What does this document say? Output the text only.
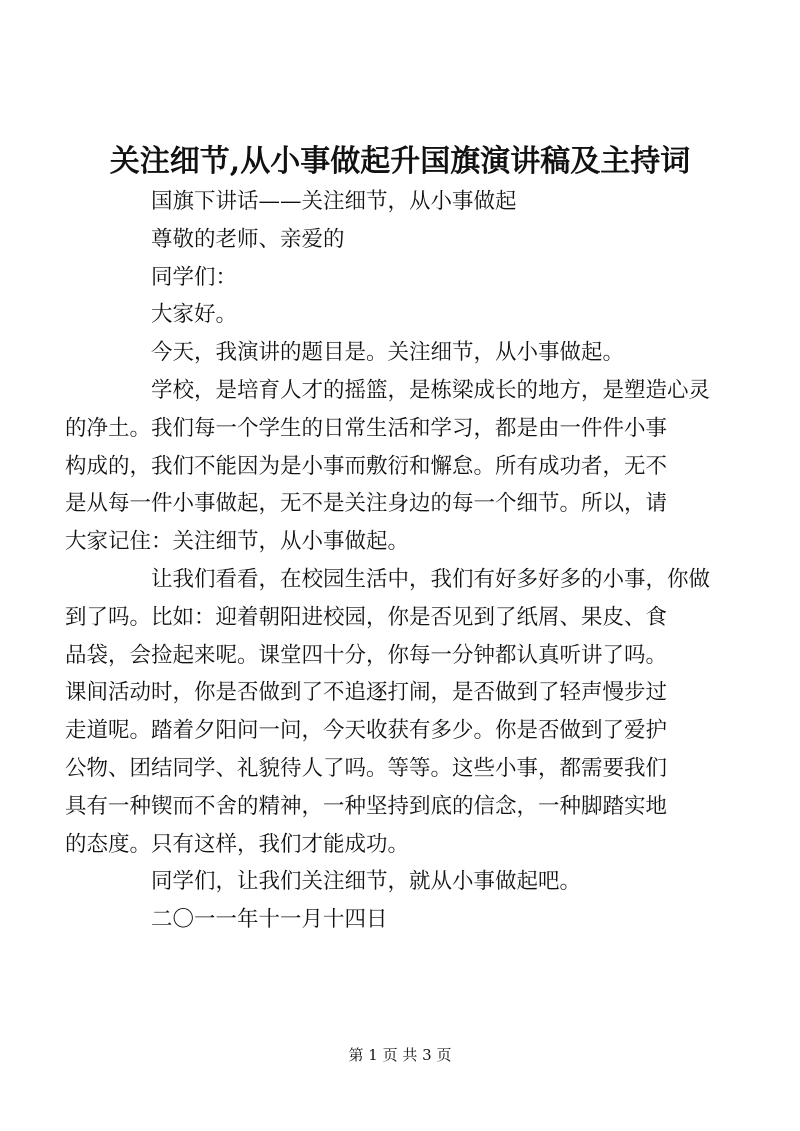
关注细节,从小事做起升国旗演讲稿及主持词

国旗下讲话——关注细节，从小事做起

尊敬的老师、亲爱的

同学们：

大家好。

今天，我演讲的题目是。关注细节，从小事做起。

学校，是培育人才的摇篮，是栋梁成长的地方，是塑造心灵
的净土。我们每一个学生的日常生活和学习，都是由一件件小事
构成的，我们不能因为是小事而敷衍和懈怠。所有成功者，无不
是从每一件小事做起，无不是关注身边的每一个细节。所以，请
大家记住：关注细节，从小事做起。

让我们看看，在校园生活中，我们有好多好多的小事，你做
到了吗。比如：迎着朝阳进校园，你是否见到了纸屑、果皮、食
品袋，会捡起来呢。课堂四十分，你每一分钟都认真听讲了吗。
课间活动时，你是否做到了不追逐打闹，是否做到了轻声慢步过
走道呢。踏着夕阳问一问，今天收获有多少。你是否做到了爱护
公物、团结同学、礼貌待人了吗。等等。这些小事，都需要我们
具有一种锲而不舍的精神，一种坚持到底的信念，一种脚踏实地
的态度。只有这样，我们才能成功。

同学们，让我们关注细节，就从小事做起吧。

二〇一一年十一月十四日

第 1 页 共 3 页
